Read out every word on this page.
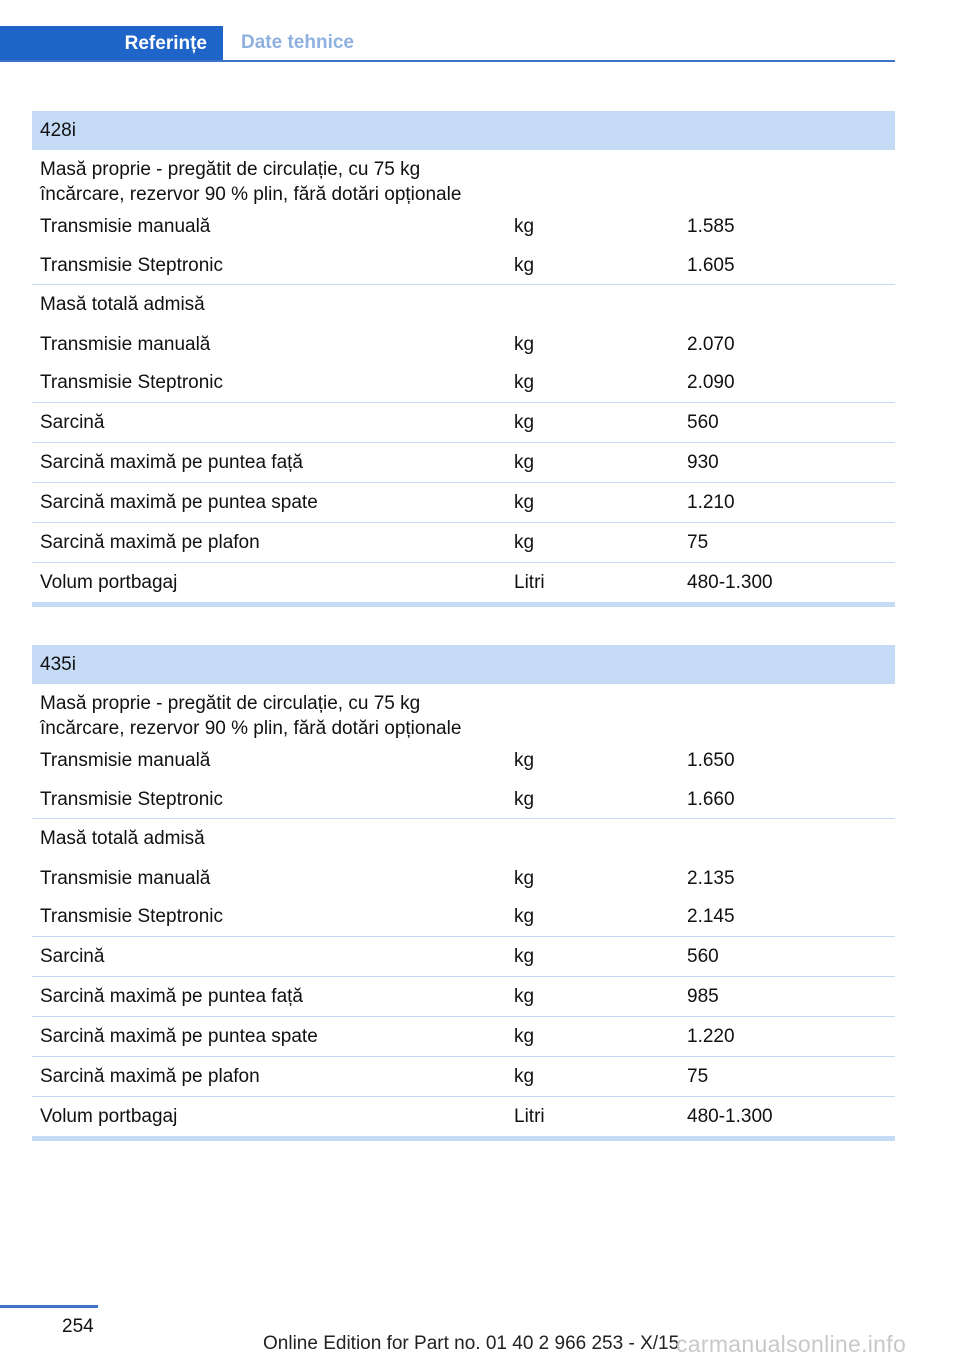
Referințe	Date tehnice
428i
Masă proprie - pregătit de circulație, cu 75 kg
încărcare, rezervor 90 % plin, fără dotări opționale
Transmisie manuală	kg	1.585
Transmisie Steptronic	kg	1.605
Masă totală admisă
Transmisie manuală	kg	2.070
Transmisie Steptronic	kg	2.090
Sarcină	kg	560
Sarcină maximă pe puntea față	kg	930
Sarcină maximă pe puntea spate	kg	1.210
Sarcină maximă pe plafon	kg	75
Volum portbagaj	Litri	480-1.300
435i
Masă proprie - pregătit de circulație, cu 75 kg
încărcare, rezervor 90 % plin, fără dotări opționale
Transmisie manuală	kg	1.650
Transmisie Steptronic	kg	1.660
Masă totală admisă
Transmisie manuală	kg	2.135
Transmisie Steptronic	kg	2.145
Sarcină	kg	560
Sarcină maximă pe puntea față	kg	985
Sarcină maximă pe puntea spate	kg	1.220
Sarcină maximă pe plafon	kg	75
Volum portbagaj	Litri	480-1.300
254
Online Edition for Part no. 01 40 2 966 253 - X/15
carmanualsonline.info
